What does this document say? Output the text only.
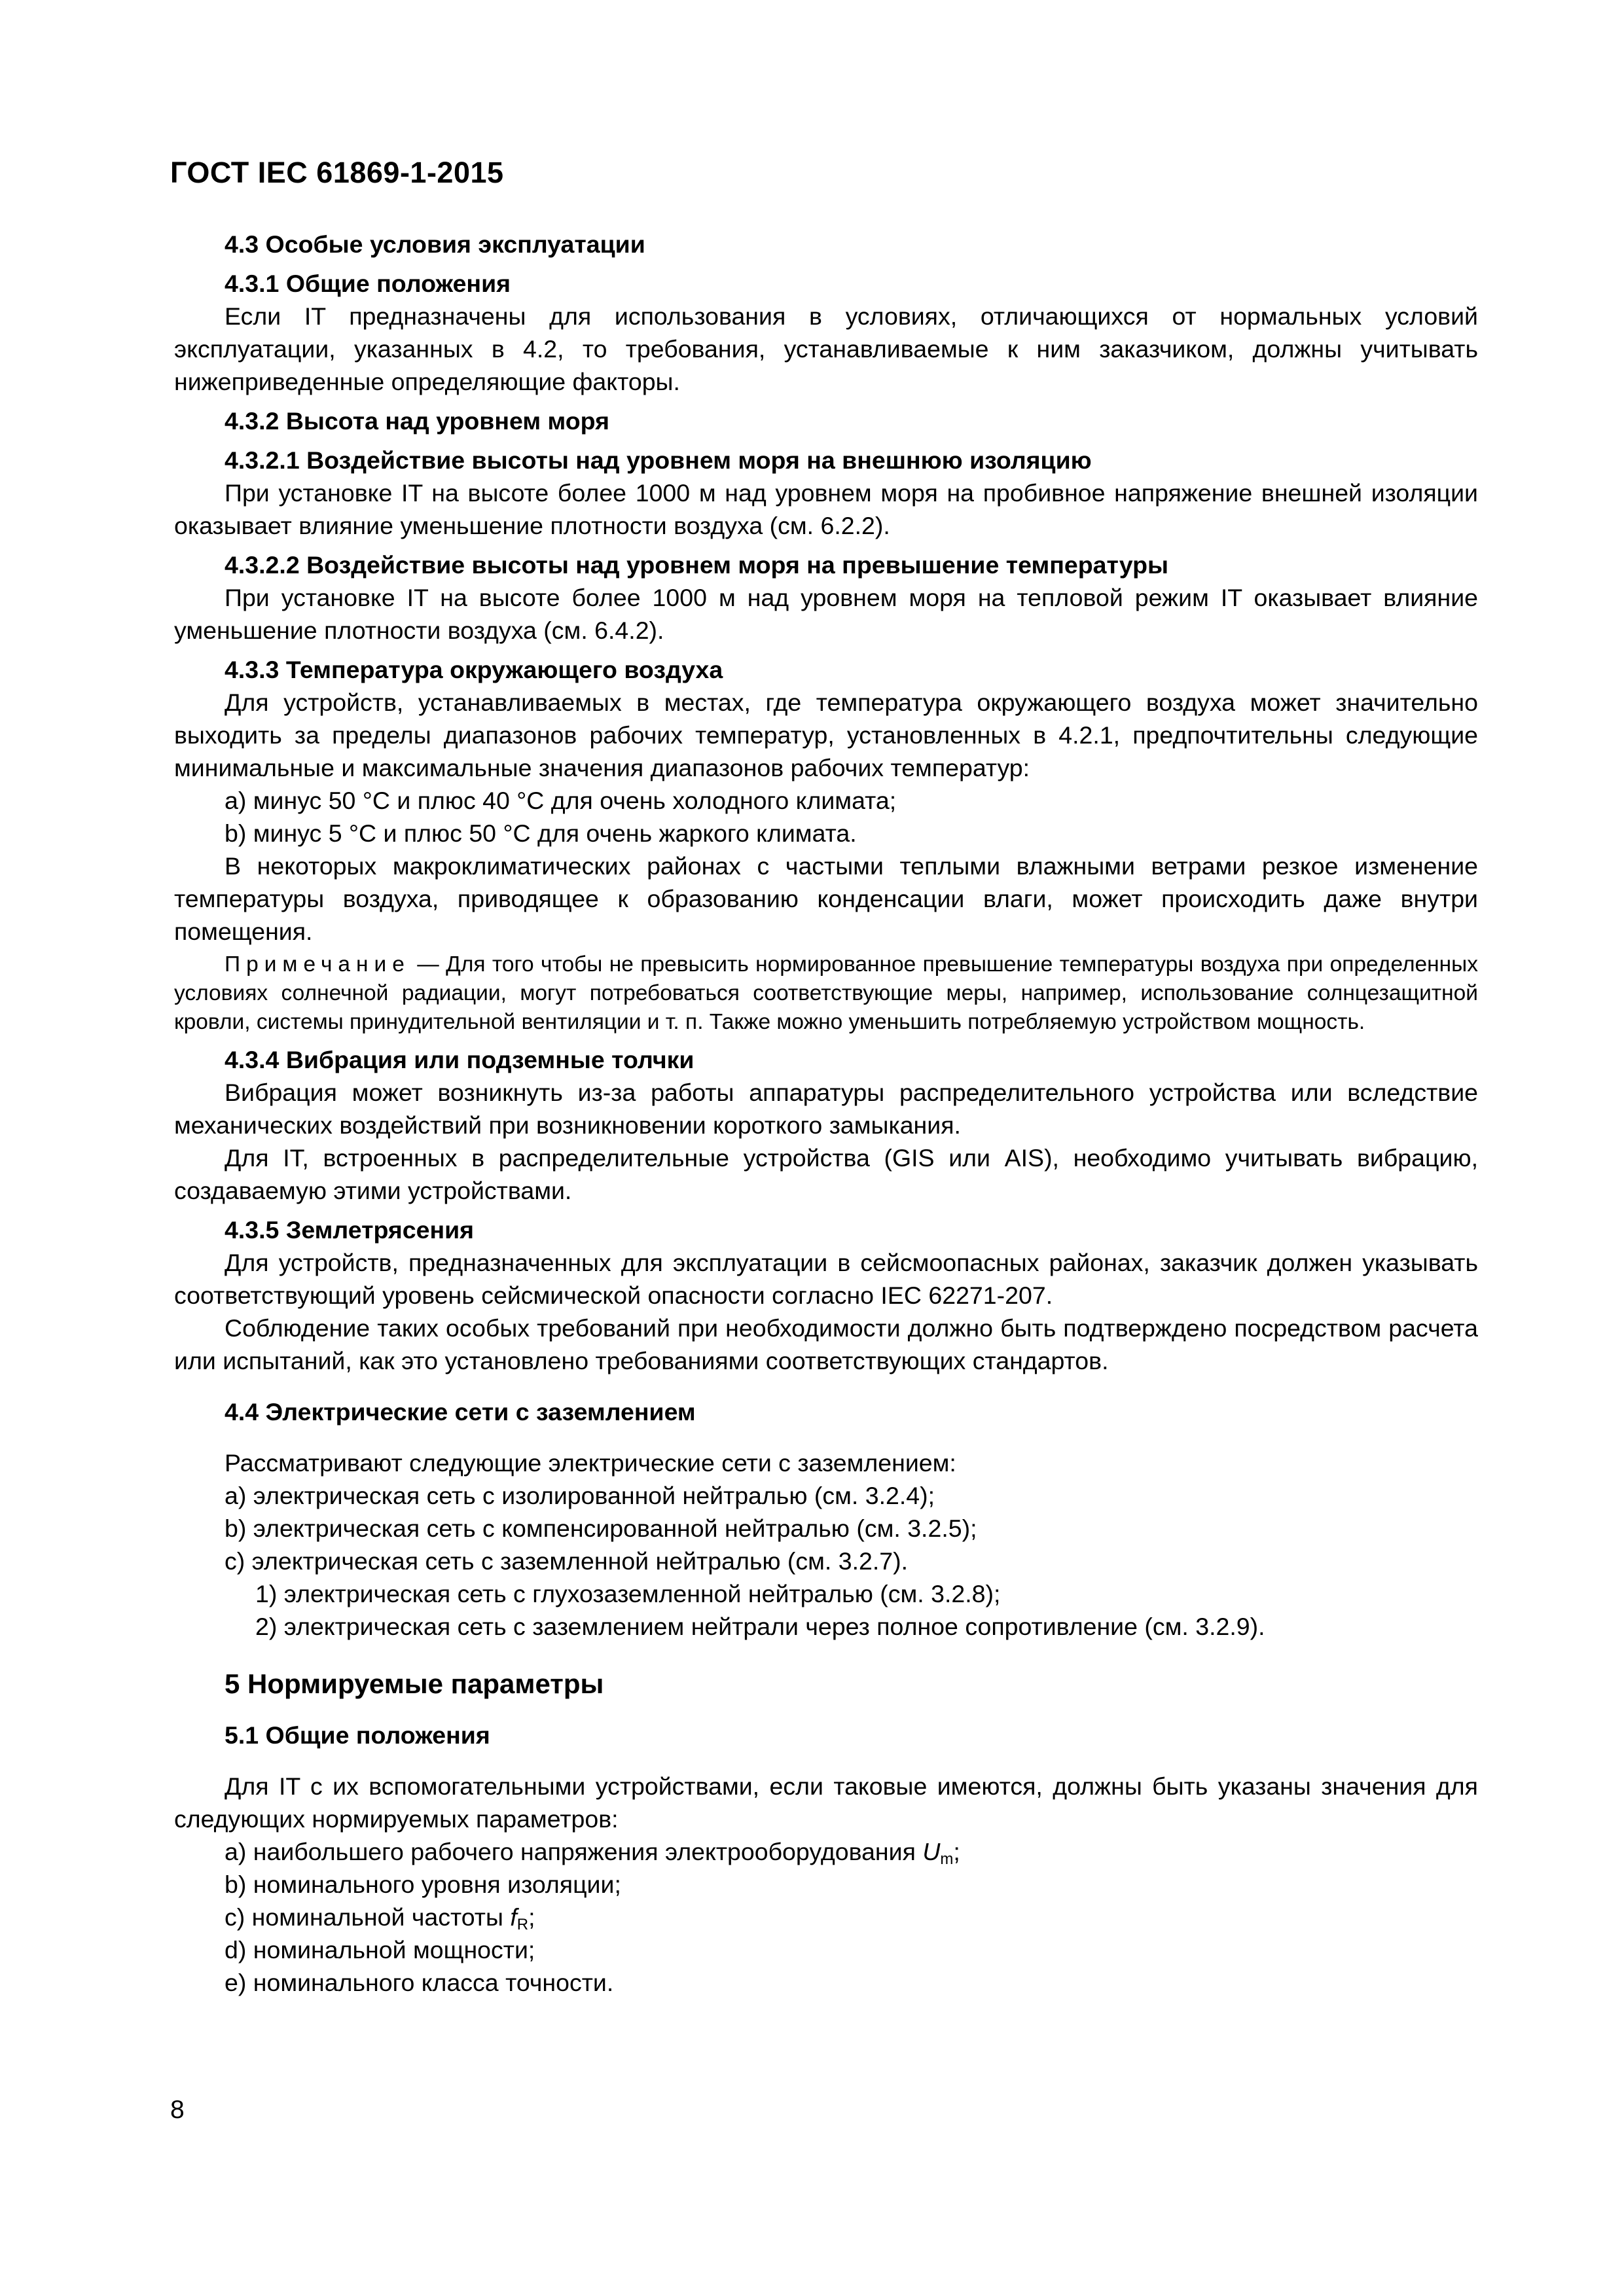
ГОСТ IEC 61869-1-2015

4.3 Особые условия эксплуатации

4.3.1 Общие положения

Если IT предназначены для использования в условиях, отличающихся от нормальных условий эксплуатации, указанных в 4.2, то требования, устанавливаемые к ним заказчиком, должны учитывать нижеприведенные определяющие факторы.

4.3.2 Высота над уровнем моря

4.3.2.1 Воздействие высоты над уровнем моря на внешнюю изоляцию

При установке IT на высоте более 1000 м над уровнем моря на пробивное напряжение внешней изоляции оказывает влияние уменьшение плотности воздуха (см. 6.2.2).

4.3.2.2 Воздействие высоты над уровнем моря на превышение температуры

При установке IT на высоте более 1000 м над уровнем моря на тепловой режим IT оказывает влияние уменьшение плотности воздуха (см. 6.4.2).

4.3.3 Температура окружающего воздуха

Для устройств, устанавливаемых в местах, где температура окружающего воздуха может значительно выходить за пределы диапазонов рабочих температур, установленных в 4.2.1, предпочтительны следующие минимальные и максимальные значения диапазонов рабочих температур:

a) минус 50 °С и плюс 40 °С для очень холодного климата;

b) минус 5 °С и плюс 50 °С для очень жаркого климата.

В некоторых макроклиматических районах с частыми теплыми влажными ветрами резкое изменение температуры воздуха, приводящее к образованию конденсации влаги, может происходить даже внутри помещения.

Примечание — Для того чтобы не превысить нормированное превышение температуры воздуха при определенных условиях солнечной радиации, могут потребоваться соответствующие меры, например, использование солнцезащитной кровли, системы принудительной вентиляции и т. п. Также можно уменьшить потребляемую устройством мощность.

4.3.4 Вибрация или подземные толчки

Вибрация может возникнуть из-за работы аппаратуры распределительного устройства или вследствие механических воздействий при возникновении короткого замыкания.

Для IT, встроенных в распределительные устройства (GIS или AIS), необходимо учитывать вибрацию, создаваемую этими устройствами.

4.3.5 Землетрясения

Для устройств, предназначенных для эксплуатации в сейсмоопасных районах, заказчик должен указывать соответствующий уровень сейсмической опасности согласно IEC 62271-207.

Соблюдение таких особых требований при необходимости должно быть подтверждено посредством расчета или испытаний, как это установлено требованиями соответствующих стандартов.

4.4 Электрические сети с заземлением

Рассматривают следующие электрические сети с заземлением:

a) электрическая сеть с изолированной нейтралью (см. 3.2.4);

b) электрическая сеть с компенсированной нейтралью (см. 3.2.5);

c) электрическая сеть с заземленной нейтралью (см. 3.2.7).

1) электрическая сеть с глухозаземленной нейтралью (см. 3.2.8);

2) электрическая сеть с заземлением нейтрали через полное сопротивление (см. 3.2.9).

5 Нормируемые параметры

5.1 Общие положения

Для IT с их вспомогательными устройствами, если таковые имеются, должны быть указаны значения для следующих нормируемых параметров:

a) наибольшего рабочего напряжения электрооборудования $U_m$;

b) номинального уровня изоляции;

c) номинальной частоты $f_R$;

d) номинальной мощности;

e) номинального класса точности.

8
